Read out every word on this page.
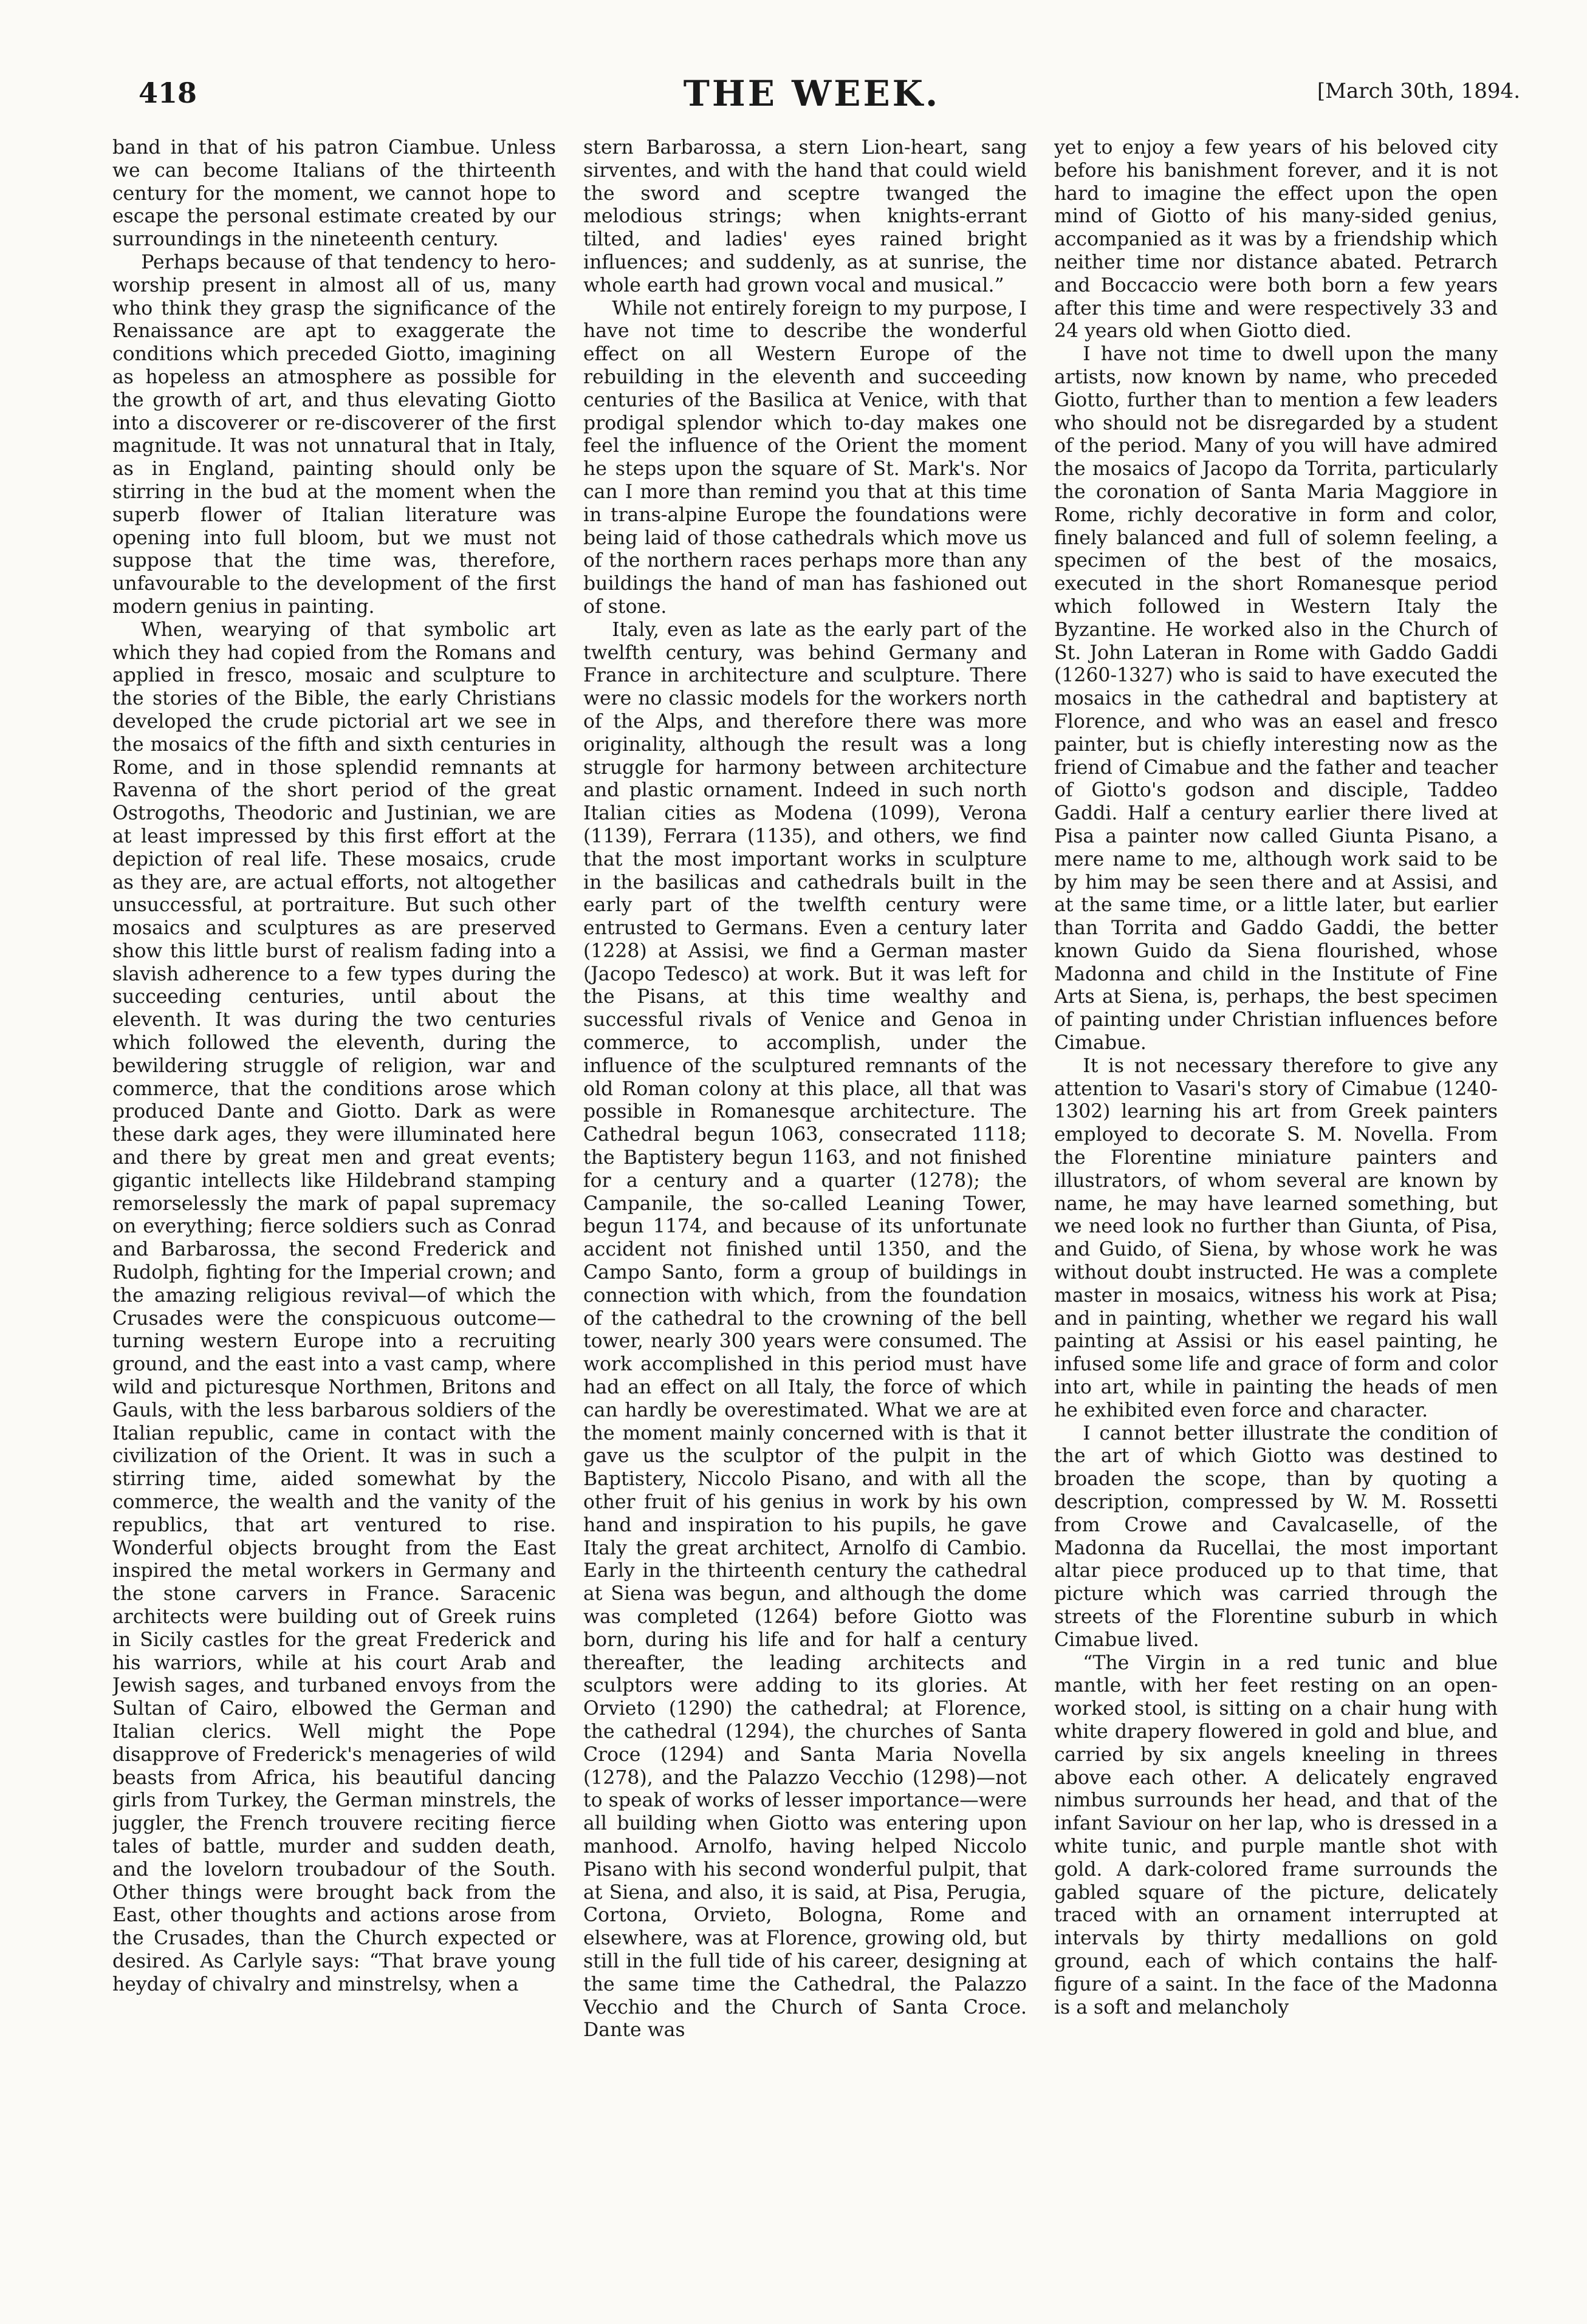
418	THE WEEK.	[March 30th, 1894.

band in that of his patron Ciambue. Unless we can become Italians of the thirteenth century for the moment, we cannot hope to escape the personal estimate created by our surroundings in the nineteenth century.

Perhaps because of that tendency to hero-worship present in almost all of us, many who think they grasp the significance of the Renaissance are apt to exaggerate the conditions which preceded Giotto, imagining as hopeless an atmosphere as possible for the growth of art, and thus elevating Giotto into a discoverer or re-discoverer of the first magnitude. It was not unnatural that in Italy, as in England, painting should only be stirring in the bud at the moment when the superb flower of Italian literature was opening into full bloom, but we must not suppose that the time was, therefore, unfavourable to the development of the first modern genius in painting.

When, wearying of that symbolic art which they had copied from the Romans and applied in fresco, mosaic and sculpture to the stories of the Bible, the early Christians developed the crude pictorial art we see in the mosaics of the fifth and sixth centuries in Rome, and in those splendid remnants at Ravenna of the short period of the great Ostrogoths, Theodoric and Justinian, we are at least impressed by this first effort at the depiction of real life. These mosaics, crude as they are, are actual efforts, not altogether unsuccessful, at portraiture. But such other mosaics and sculptures as are preserved show this little burst of realism fading into a slavish adherence to a few types during the succeeding centuries, until about the eleventh. It was during the two centuries which followed the eleventh, during the bewildering struggle of religion, war and commerce, that the conditions arose which produced Dante and Giotto. Dark as were these dark ages, they were illuminated here and there by great men and great events; gigantic intellects like Hildebrand stamping remorselessly the mark of papal supremacy on everything; fierce soldiers such as Conrad and Barbarossa, the second Frederick and Rudolph, fighting for the Imperial crown; and the amazing religious revival—of which the Crusades were the conspicuous outcome—turning western Europe into a recruiting ground, and the east into a vast camp, where wild and picturesque Northmen, Britons and Gauls, with the less barbarous soldiers of the Italian republic, came in contact with the civilization of the Orient. It was in such a stirring time, aided somewhat by the commerce, the wealth and the vanity of the republics, that art ventured to rise. Wonderful objects brought from the East inspired the metal workers in Germany and the stone carvers in France. Saracenic architects were building out of Greek ruins in Sicily castles for the great Frederick and his warriors, while at his court Arab and Jewish sages, and turbaned envoys from the Sultan of Cairo, elbowed the German and Italian clerics. Well might the Pope disapprove of Frederick's menageries of wild beasts from Africa, his beautiful dancing girls from Turkey, the German minstrels, the juggler, the French trouvere reciting fierce tales of battle, murder and sudden death, and the lovelorn troubadour of the South. Other things were brought back from the East, other thoughts and actions arose from the Crusades, than the Church expected or desired. As Carlyle says: “That brave young heyday of chivalry and minstrelsy, when a

stern Barbarossa, a stern Lion-heart, sang sirventes, and with the hand that could wield the sword and sceptre twanged the melodious strings; when knights-errant tilted, and ladies' eyes rained bright influences; and suddenly, as at sunrise, the whole earth had grown vocal and musical.”

While not entirely foreign to my purpose, I have not time to describe the wonderful effect on all Western Europe of the rebuilding in the eleventh and succeeding centuries of the Basilica at Venice, with that prodigal splendor which to-day makes one feel the influence of the Orient the moment he steps upon the square of St. Mark's. Nor can I more than remind you that at this time in trans-alpine Europe the foundations were being laid of those cathedrals which move us of the northern races perhaps more than any buildings the hand of man has fashioned out of stone.

Italy, even as late as the early part of the twelfth century, was behind Germany and France in architecture and sculpture. There were no classic models for the workers north of the Alps, and therefore there was more originality, although the result was a long struggle for harmony between architecture and plastic ornament. Indeed in such north Italian cities as Modena (1099), Verona (1139), Ferrara (1135), and others, we find that the most important works in sculpture in the basilicas and cathedrals built in the early part of the twelfth century were entrusted to Germans. Even a century later (1228) at Assisi, we find a German master (Jacopo Tedesco) at work. But it was left for the Pisans, at this time wealthy and successful rivals of Venice and Genoa in commerce, to accomplish, under the influence of the sculptured remnants of the old Roman colony at this place, all that was possible in Romanesque architecture. The Cathedral begun 1063, consecrated 1118; the Baptistery begun 1163, and not finished for a century and a quarter (1278); the Campanile, the so-called Leaning Tower, begun 1174, and because of its unfortunate accident not finished until 1350, and the Campo Santo, form a group of buildings in connection with which, from the foundation of the cathedral to the crowning of the bell tower, nearly 300 years were consumed. The work accomplished in this period must have had an effect on all Italy, the force of which can hardly be overestimated. What we are at the moment mainly concerned with is that it gave us the sculptor of the pulpit in the Baptistery, Niccolo Pisano, and with all the other fruit of his genius in work by his own hand and inspiration to his pupils, he gave Italy the great architect, Arnolfo di Cambio. Early in the thirteenth century the cathedral at Siena was begun, and although the dome was completed (1264) before Giotto was born, during his life and for half a century thereafter, the leading architects and sculptors were adding to its glories. At Orvieto (1290) the cathedral; at Florence, the cathedral (1294), the churches of Santa Croce (1294) and Santa Maria Novella (1278), and the Palazzo Vecchio (1298)—not to speak of works of lesser importance—were all building when Giotto was entering upon manhood. Arnolfo, having helped Niccolo Pisano with his second wonderful pulpit, that at Siena, and also, it is said, at Pisa, Perugia, Cortona, Orvieto, Bologna, Rome and elsewhere, was at Florence, growing old, but still in the full tide of his career, designing at the same time the Cathedral, the Palazzo Vecchio and the Church of Santa Croce. Dante was

yet to enjoy a few years of his beloved city before his banishment forever, and it is not hard to imagine the effect upon the open mind of Giotto of his many-sided genius, accompanied as it was by a friendship which neither time nor distance abated. Petrarch and Boccaccio were both born a few years after this time and were respectively 33 and 24 years old when Giotto died.

I have not time to dwell upon the many artists, now known by name, who preceded Giotto, further than to mention a few leaders who should not be disregarded by a student of the period. Many of you will have admired the mosaics of Jacopo da Torrita, particularly the coronation of Santa Maria Maggiore in Rome, richly decorative in form and color, finely balanced and full of solemn feeling, a specimen of the best of the mosaics, executed in the short Romanesque period which followed in Western Italy the Byzantine. He worked also in the Church of St. John Lateran in Rome with Gaddo Gaddi (1260-1327) who is said to have executed the mosaics in the cathedral and baptistery at Florence, and who was an easel and fresco painter, but is chiefly interesting now as the friend of Cimabue and the father and teacher of Giotto's godson and disciple, Taddeo Gaddi. Half a century earlier there lived at Pisa a painter now called Giunta Pisano, a mere name to me, although work said to be by him may be seen there and at Assisi, and at the same time, or a little later, but earlier than Torrita and Gaddo Gaddi, the better known Guido da Siena flourished, whose Madonna and child in the Institute of Fine Arts at Siena, is, perhaps, the best specimen of painting under Christian influences before Cimabue.

It is not necessary therefore to give any attention to Vasari's story of Cimabue (1240-1302) learning his art from Greek painters employed to decorate S. M. Novella. From the Florentine miniature painters and illustrators, of whom several are known by name, he may have learned something, but we need look no further than Giunta, of Pisa, and Guido, of Siena, by whose work he was without doubt instructed. He was a complete master in mosaics, witness his work at Pisa; and in painting, whether we regard his wall painting at Assisi or his easel painting, he infused some life and grace of form and color into art, while in painting the heads of men he exhibited even force and character.

I cannot better illustrate the condition of the art of which Giotto was destined to broaden the scope, than by quoting a description, compressed by W. M. Rossetti from Crowe and Cavalcaselle, of the Madonna da Rucellai, the most important altar piece produced up to that time, that picture which was carried through the streets of the Florentine suburb in which Cimabue lived.

“The Virgin in a red tunic and blue mantle, with her feet resting on an open-worked stool, is sitting on a chair hung with white drapery flowered in gold and blue, and carried by six angels kneeling in threes above each other. A delicately engraved nimbus surrounds her head, and that of the infant Saviour on her lap, who is dressed in a white tunic, and purple mantle shot with gold. A dark-colored frame surrounds the gabled square of the picture, delicately traced with an ornament interrupted at intervals by thirty medallions on gold ground, each of which contains the half-figure of a saint. In the face of the Madonna is a soft and melancholy
